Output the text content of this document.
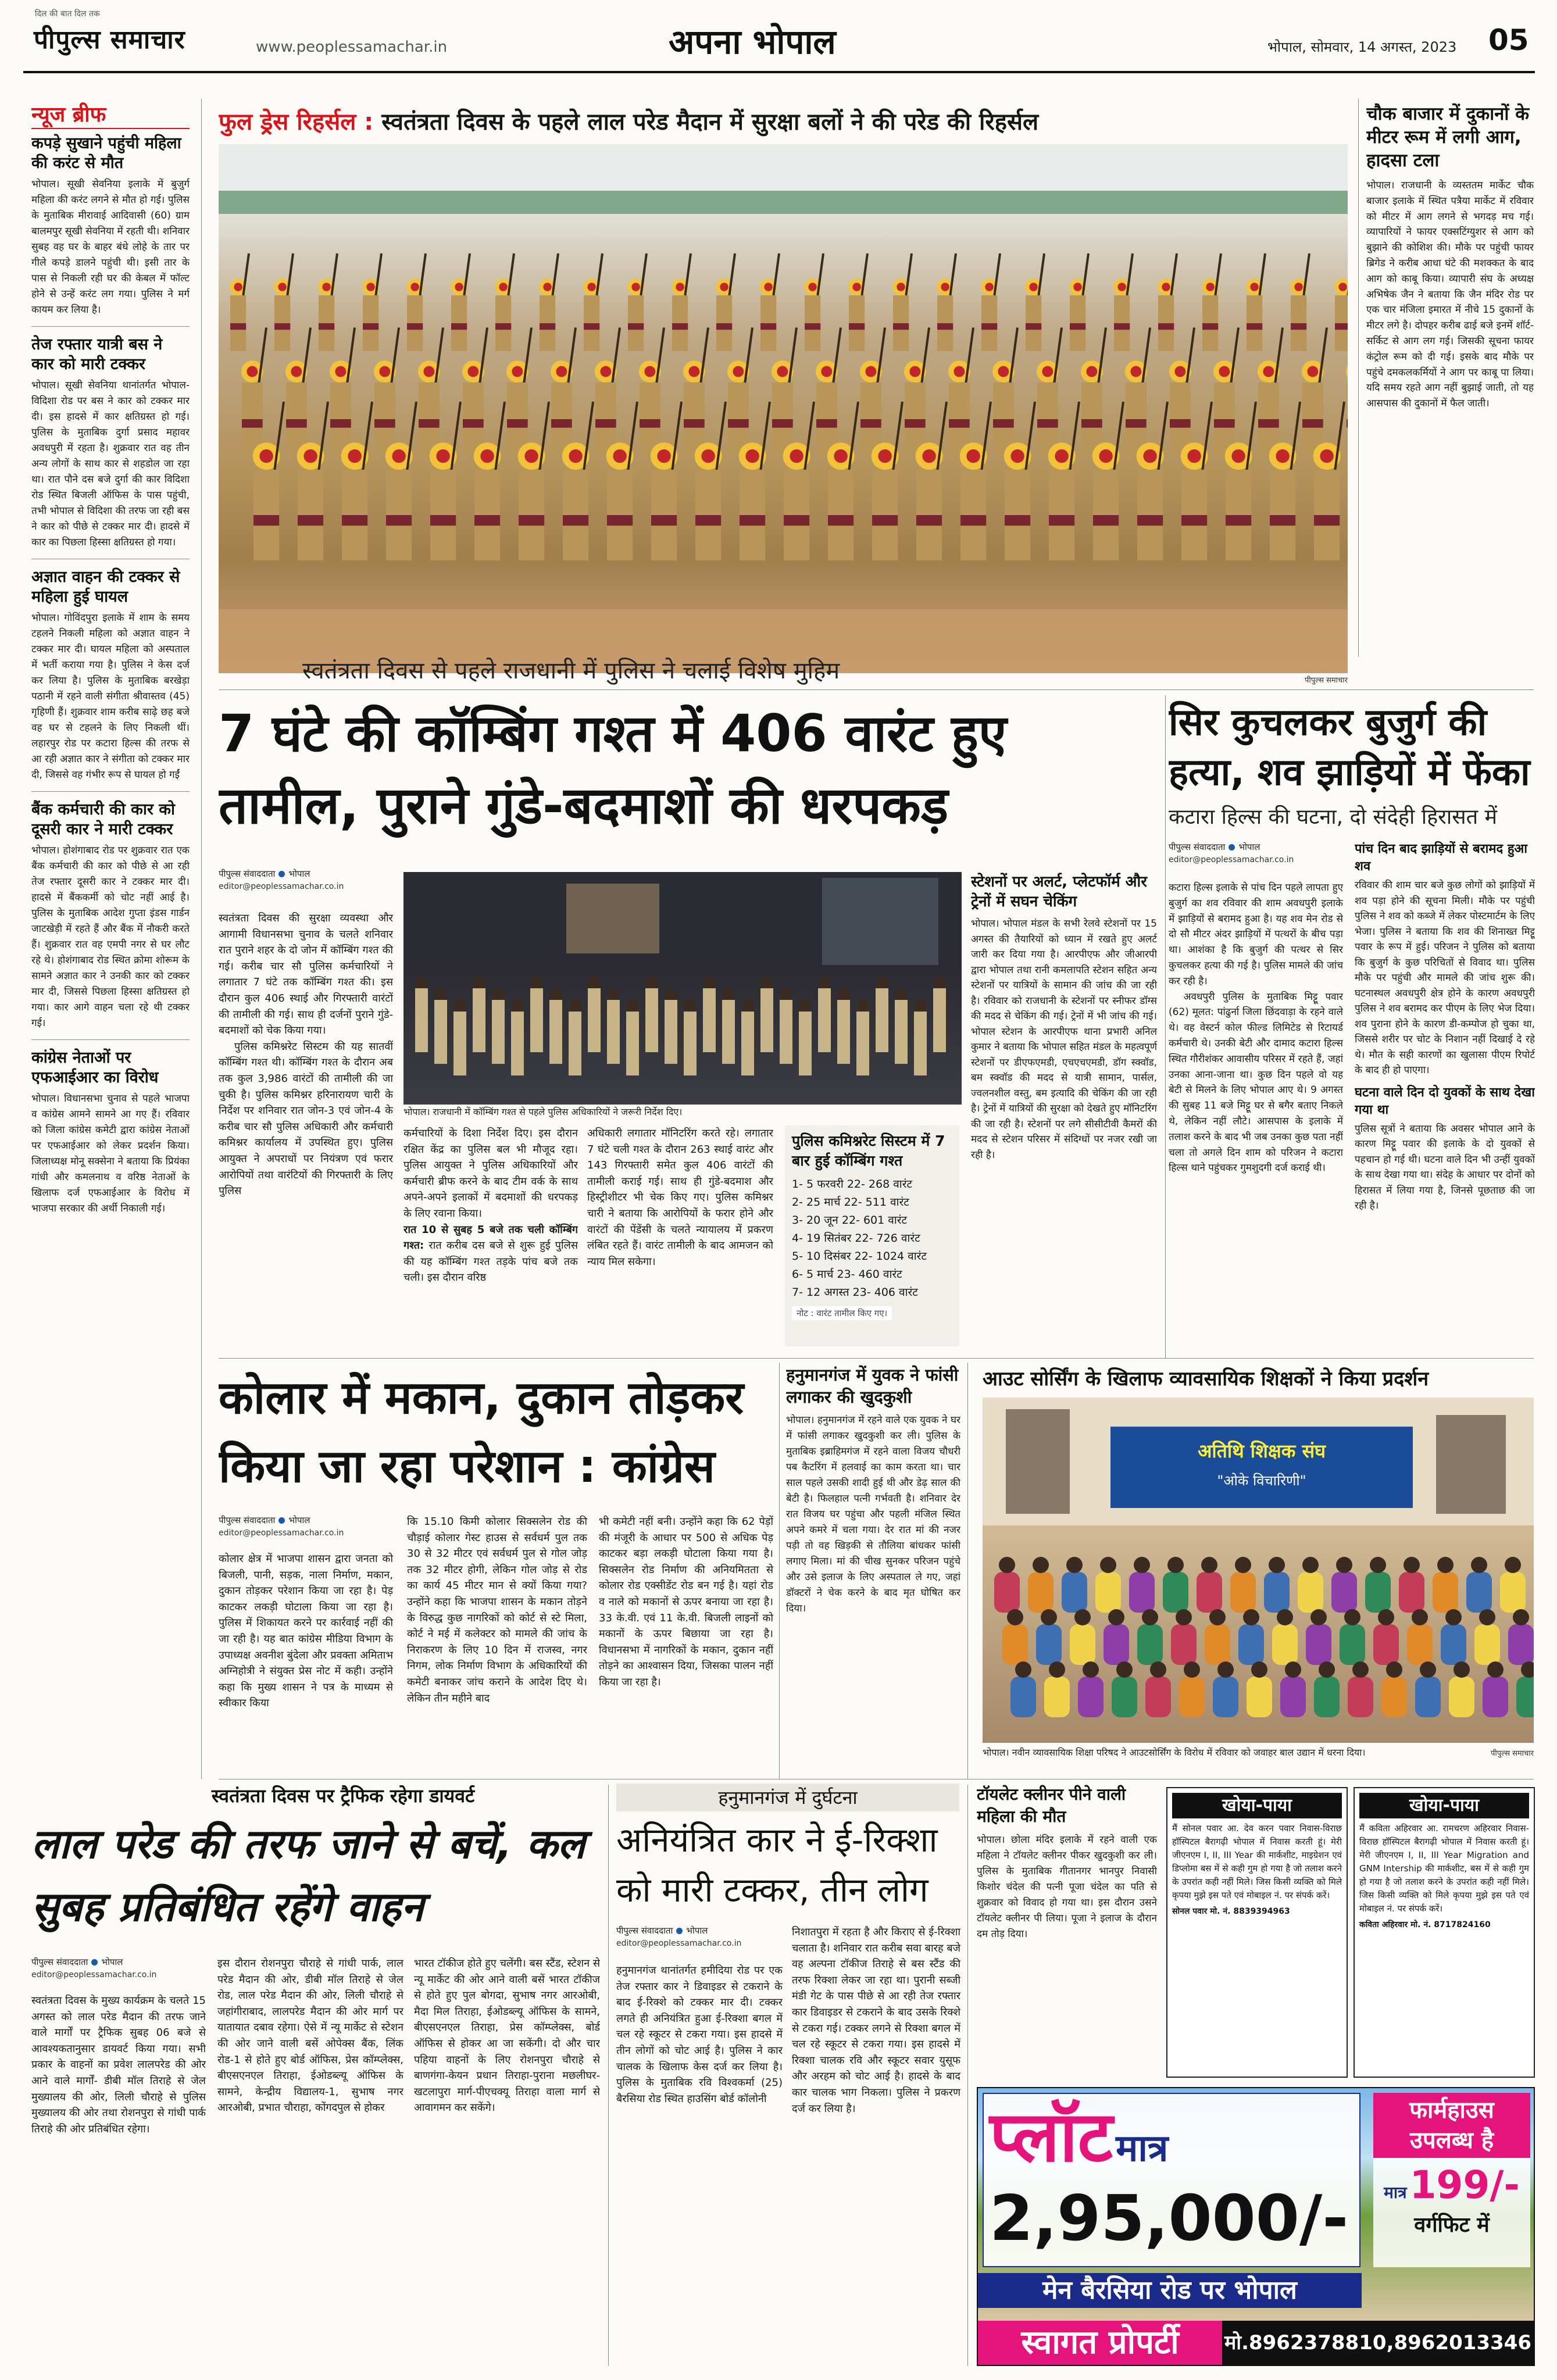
दिल की बात दिल तक
पीपुल्स समाचार	www.peoplessamachar.in	अपना भोपाल	भोपाल, सोमवार, 14 अगस्त, 2023 05
न्यूज ब्रीफ
कपड़े सुखाने पहुंची महिला की करंट से मौत
भोपाल। सूखी सेवनिया इलाके में बुजुर्ग महिला की करंट लगने से मौत हो गई। पुलिस के मुताबिक मीरावाई आदिवासी (60) ग्राम बालमपुर सूखी सेवनिया में रहती थी। शनिवार सुबह वह घर के बाहर बंधे लोहे के तार पर गीले कपड़े डालने पहुंची थी। इसी तार के पास से निकली रही घर की केबल में फॉल्ट होने से उन्हें करंट लग गया। पुलिस ने मर्ग कायम कर लिया है।
तेज रफ्तार यात्री बस ने कार को मारी टक्कर
भोपाल। सूखी सेवनिया थानांतर्गत भोपाल-विदिशा रोड पर बस ने कार को टक्कर मार दी। इस हादसे में कार क्षतिग्रस्त हो गई। पुलिस के मुताबिक दुर्गा प्रसाद महावर अवधपुरी में रहता है। शुक्रवार रात वह तीन अन्य लोगों के साथ कार से शहडोल जा रहा था। रात पौने दस बजे दुर्गा की कार विदिशा रोड स्थित बिजली ऑफिस के पास पहुंची, तभी भोपाल से विदिशा की तरफ जा रही बस ने कार को पीछे से टक्कर मार दी। हादसे में कार का पिछला हिस्सा क्षतिग्रस्त हो गया।
अज्ञात वाहन की टक्कर से महिला हुई घायल
भोपाल। गोविंदपुरा इलाके में शाम के समय टहलने निकली महिला को अज्ञात वाहन ने टक्कर मार दी। घायल महिला को अस्पताल में भर्ती कराया गया है। पुलिस ने केस दर्ज कर लिया है। पुलिस के मुताबिक बरखेड़ा पठानी में रहने वाली संगीता श्रीवास्तव (45) गृहिणी हैं। शुक्रवार शाम करीब साढ़े छह बजे वह घर से टहलने के लिए निकली थीं। लहारपुर रोड पर कटारा हिल्स की तरफ से आ रही अज्ञात कार ने संगीता को टक्कर मार दी, जिससे वह गंभीर रूप से घायल हो गईं
बैंक कर्मचारी की कार को दूसरी कार ने मारी टक्कर
भोपाल। होशंगाबाद रोड पर शुक्रवार रात एक बैंक कर्मचारी की कार को पीछे से आ रही तेज रफ्तार दूसरी कार ने टक्कर मार दी। हादसे में बैंककर्मी को चोट नहीं आई है। पुलिस के मुताबिक आदेश गुप्ता इंडस गार्डन जाटखेड़ी में रहते हैं और बैंक में नौकरी करते हैं। शुक्रवार रात वह एमपी नगर से घर लौट रहे थे। होशंगाबाद रोड स्थित क्रोमा शोरूम के सामने अज्ञात कार ने उनकी कार को टक्कर मार दी, जिससे पिछला हिस्सा क्षतिग्रस्त हो गया। कार आगे वाहन चला रहे थी टक्कर गई।
कांग्रेस नेताओं पर एफआईआर का विरोध
भोपाल। विधानसभा चुनाव से पहले भाजपा व कांग्रेस आमने सामने आ गए हैं। रविवार को जिला कांग्रेस कमेटी द्वारा कांग्रेस नेताओं पर एफआईआर को लेकर प्रदर्शन किया। जिलाध्यक्ष मोनू सक्सेना ने बताया कि प्रियंका गांधी और कमलनाथ व वरिष्ठ नेताओं के खिलाफ दर्ज एफआईआर के विरोध में भाजपा सरकार की अर्थी निकाली गई।
फुल ड्रेस रिहर्सल : स्वतंत्रता दिवस के पहले लाल परेड मैदान में सुरक्षा बलों ने की परेड की रिहर्सल
पीपुल्स समाचार
चौक बाजार में दुकानों के मीटर रूम में लगी आग, हादसा टला
भोपाल। राजधानी के व्यस्ततम मार्केट चौक बाजार इलाके में स्थित पत्रैया मार्केट में रविवार को मीटर में आग लगने से भगदड़ मच गई। व्यापारियों ने फायर एक्सटिंग्युशर से आग को बुझाने की कोशिश की। मौके पर पहुंची फायर ब्रिगेड ने करीब आधा घंटे की मशक्कत के बाद आग को काबू किया। व्यापारी संघ के अध्यक्ष अभिषेक जैन ने बताया कि जैन मंदिर रोड पर एक चार मंजिला इमारत में नीचे 15 दुकानों के मीटर लगे है। दोपहर करीब ढाई बजे इनमें शॉर्ट-सर्किट से आग लग गई। जिसकी सूचना फायर कंट्रोल रूम को दी गई। इसके बाद मौके पर पहुंचे दमकलकर्मियों ने आग पर काबू पा लिया। यदि समय रहते आग नहीं बुझाई जाती, तो यह आसपास की दुकानों में फैल जाती।
स्वतंत्रता दिवस से पहले राजधानी में पुलिस ने चलाई विशेष मुहिम
7 घंटे की कॉम्बिंग गश्त में 406 वारंट हुए तामील, पुराने गुंडे-बदमाशों की धरपकड़
पीपुल्स संवाददाता भोपाल
editor@peoplessamachar.co.in
स्वतंत्रता दिवस की सुरक्षा व्यवस्था और आगामी विधानसभा चुनाव के चलते शनिवार रात पुराने शहर के दो जोन में कॉम्बिंग गश्त की गई। करीब चार सौ पुलिस कर्मचारियों ने लगातार 7 घंटे तक कॉम्बिंग गश्त की। इस दौरान कुल 406 स्थाई और गिरफ्तारी वारंटों की तामीली की गई। साथ ही दर्जनों पुराने गुंडे-बदमाशों को चेक किया गया।
पुलिस कमिश्नरेट सिस्टम की यह सातवीं कॉम्बिंग गश्त थी। कॉम्बिंग गश्त के दौरान अब तक कुल 3,986 वारंटों की तामीली की जा चुकी है। पुलिस कमिश्नर हरिनारायण चारी के निर्देश पर शनिवार रात जोन-3 एवं जोन-4 के करीब चार सौ पुलिस अधिकारी और कर्मचारी कमिश्नर कार्यालय में उपस्थित हुए। पुलिस आयुक्त ने अपराधों पर नियंत्रण एवं फरार आरोपियों तथा वारंटियों की गिरफ्तारी के लिए पुलिस
भोपाल। राजधानी में कॉम्बिंग गश्त से पहले पुलिस अधिकारियों ने जरूरी निर्देश दिए।
कर्मचारियों के दिशा निर्देश दिए। इस दौरान रक्षित केंद्र का पुलिस बल भी मौजूद रहा। पुलिस आयुक्त ने पुलिस अधिकारियों और कर्मचारी ब्रीफ करने के बाद टीम वर्क के साथ अपने-अपने इलाकों में बदमाशों की धरपकड़ के लिए रवाना किया।
रात 10 से सुबह 5 बजे तक चली कॉम्बिंग गश्त: रात करीब दस बजे से शुरू हुई पुलिस की यह कॉम्बिंग गश्त तड़के पांच बजे तक चली। इस दौरान वरिष्ठ
अधिकारी लगातार मॉनिटरिंग करते रहे। लगातार 7 घंटे चली गश्त के दौरान 263 स्थाई वारंट और 143 गिरफ्तारी समेत कुल 406 वारंटों की तामीली कराई गई। साथ ही गुंडे-बदमाश और हिस्ट्रीशीटर भी चेक किए गए। पुलिस कमिश्नर चारी ने बताया कि आरोपियों के फरार होने और वारंटों की पेंडेंसी के चलते न्यायालय में प्रकरण लंबित रहते हैं। वारंट तामीली के बाद आमजन को न्याय मिल सकेगा।
पुलिस कमिश्नरेट सिस्टम में 7 बार हुई कॉम्बिंग गश्त
1- 5 फरवरी 22- 268 वारंट
2- 25 मार्च 22- 511 वारंट
3- 20 जून 22- 601 वारंट
4- 19 सितंबर 22- 726 वारंट
5- 10 दिसंबर 22- 1024 वारंट
6- 5 मार्च 23- 460 वारंट
7- 12 अगस्त 23- 406 वारंट
नोट : वारंट तामील किए गए।
स्टेशनों पर अलर्ट, प्लेटफॉर्म और ट्रेनों में सघन चेकिंग
भोपाल। भोपाल मंडल के सभी रेलवे स्टेशनों पर 15 अगस्त की तैयारियों को ध्यान में रखते हुए अलर्ट जारी कर दिया गया है। आरपीएफ और जीआरपी द्वारा भोपाल तथा रानी कमलापति स्टेशन सहित अन्य स्टेशनों पर यात्रियों के सामान की जांच की जा रही है। रविवार को राजधानी के स्टेशनों पर स्नीफर डॉग्स की मदद से चेकिंग की गई। ट्रेनों में भी जांच की गई। भोपाल स्टेशन के आरपीएफ थाना प्रभारी अनिल कुमार ने बताया कि भोपाल सहित मंडल के महत्वपूर्ण स्टेशनों पर डीएफएमडी, एचएचएमडी, डॉग स्क्वॉड, बम स्क्वॉड की मदद से यात्री सामान, पार्सल, ज्वलनशील वस्तु, बम इत्यादि की चेकिंग की जा रही है। ट्रेनों में यात्रियों की सुरक्षा को देखते हुए मॉनिटरिंग की जा रही है। स्टेशनों पर लगे सीसीटीवी कैमरों की मदद से स्टेशन परिसर में संदिग्धों पर नजर रखी जा रही है।
सिर कुचलकर बुजुर्ग की हत्या, शव झाड़ियों में फेंका
कटारा हिल्स की घटना, दो संदेही हिरासत में
पीपुल्स संवाददाता भोपाल
editor@peoplessamachar.co.in
कटारा हिल्स इलाके से पांच दिन पहले लापता हुए बुजुर्ग का शव रविवार की शाम अवधपुरी इलाके में झाड़ियों से बरामद हुआ है। यह शव मेन रोड से दो सौ मीटर अंदर झाड़ियों में पत्थरों के बीच पड़ा था। आशंका है कि बुजुर्ग की पत्थर से सिर कुचलकर हत्या की गई है। पुलिस मामले की जांच कर रही है।
अवधपुरी पुलिस के मुताबिक मिट्टू पवार (62) मूलत: पांढुर्ना जिला छिंदवाड़ा के रहने वाले थे। वह वेस्टर्न कोल फील्ड लिमिटेड से रिटायर्ड कर्मचारी थे। उनकी बेटी और दामाद कटारा हिल्स स्थित गौरीशंकर आवासीय परिसर में रहते हैं, जहां उनका आना-जाना था। कुछ दिन पहले वो यह बेटी से मिलने के लिए भोपाल आए थे। 9 अगस्त की सुबह 11 बजे मिट्टू घर से बगैर बताए निकले थे, लेकिन नहीं लौटे। आसपास के इलाके में तलाश करने के बाद भी जब उनका कुछ पता नहीं चला तो अगले दिन शाम को परिजन ने कटारा हिल्स थाने पहुंचकर गुमशुदगी दर्ज कराई थी।
पांच दिन बाद झाड़ियों से बरामद हुआ शव
रविवार की शाम चार बजे कुछ लोगों को झाड़ियों में शव पड़ा होने की सूचना मिली। मौके पर पहुंची पुलिस ने शव को कब्जे में लेकर पोस्टमार्टम के लिए भेजा। पुलिस ने बताया कि शव की शिनाख्त मिट्टू पवार के रूप में हुई। परिजन ने पुलिस को बताया कि बुजुर्ग के कुछ परिचितों से विवाद था। पुलिस मौके पर पहुंची और मामले की जांच शुरू की। घटनास्थल अवधपुरी क्षेत्र होने के कारण अवधपुरी पुलिस ने शव बरामद कर पीएम के लिए भेज दिया। शव पुराना होने के कारण डी-कम्पोज हो चुका था, जिससे शरीर पर चोट के निशान नहीं दिखाई दे रहे थे। मौत के सही कारणों का खुलासा पीएम रिपोर्ट के बाद ही हो पाएगा।
घटना वाले दिन दो युवकों के साथ देखा गया था
पुलिस सूत्रों ने बताया कि अवसर भोपाल आने के कारण मिट्टू पवार की इलाके के दो युवकों से पहचान हो गई थी। घटना वाले दिन भी उन्हीं युवकों के साथ देखा गया था। संदेह के आधार पर दोनों को हिरासत में लिया गया है, जिनसे पूछताछ की जा रही है।
कोलार में मकान, दुकान तोड़कर किया जा रहा परेशान : कांग्रेस
पीपुल्स संवाददाता भोपाल
editor@peoplessamachar.co.in
कोलार क्षेत्र में भाजपा शासन द्वारा जनता को बिजली, पानी, सड़क, नाला निर्माण, मकान, दुकान तोड़कर परेशान किया जा रहा है। पेड़ काटकर लकड़ी घोटाला किया जा रहा है। पुलिस में शिकायत करने पर कार्रवाई नहीं की जा रही है। यह बात कांग्रेस मीडिया विभाग के उपाध्यक्ष अवनीश बुंदेला और प्रवक्ता अमिताभ अग्निहोत्री ने संयुक्त प्रेस नोट में कही। उन्होंने कहा कि मुख्य शासन ने पत्र के माध्यम से स्वीकार किया
कि 15.10 किमी कोलार सिक्सलेन रोड की चौड़ाई कोलार गेस्ट हाउस से सर्वधर्म पुल तक 30 से 32 मीटर एवं सर्वधर्म पुल से गोल जोड़ तक 32 मीटर होगी, लेकिन गोल जोड़ से रोड का कार्य 45 मीटर मान से क्यों किया गया? उन्होंने कहा कि भाजपा शासन के मकान तोड़ने के विरुद्ध कुछ नागरिकों को कोर्ट से स्टे मिला, कोर्ट ने मई में कलेक्टर को मामले की जांच के निराकरण के लिए 10 दिन में राजस्व, नगर निगम, लोक निर्माण विभाग के अधिकारियों की कमेटी बनाकर जांच कराने के आदेश दिए थे। लेकिन तीन महीने बाद
भी कमेटी नहीं बनी। उन्होंने कहा कि 62 पेड़ों की मंजूरी के आधार पर 500 से अधिक पेड़ काटकर बड़ा लकड़ी घोटाला किया गया है। सिक्सलेन रोड निर्माण की अनियमितता से कोलार रोड एक्सीडेंट रोड बन गई है। यहां रोड व नाले को मकानों से ऊपर बनाया जा रहा है। 33 के.वी. एवं 11 के.वी. बिजली लाइनों को मकानों के ऊपर बिछाया जा रहा है। विधानसभा में नागरिकों के मकान, दुकान नहीं तोड़ने का आश्वासन दिया, जिसका पालन नहीं किया जा रहा है।
हनुमानगंज में युवक ने फांसी लगाकर की खुदकुशी
भोपाल। हनुमानगंज में रहने वाले एक युवक ने घर में फांसी लगाकर खुदकुशी कर ली। पुलिस के मुताबिक इब्राहिमगंज में रहने वाला विजय चौधरी पब कैटरिंग में हलवाई का काम करता था। चार साल पहले उसकी शादी हुई थी और डेढ़ साल की बेटी है। फिलहाल पत्नी गर्भवती है। शनिवार देर रात विजय घर पहुंचा और पहली मंजिल स्थित अपने कमरे में चला गया। देर रात मां की नजर पड़ी तो वह खिड़की से तौलिया बांधकर फांसी लगाए मिला। मां की चीख सुनकर परिजन पहुंचे और उसे इलाज के लिए अस्पताल ले गए, जहां डॉक्टरों ने चेक करने के बाद मृत घोषित कर दिया।
आउट सोर्सिंग के खिलाफ व्यावसायिक शिक्षकों ने किया प्रदर्शन
अतिथि शिक्षक संघ
"ओके विचारिणी"
भोपाल। नवीन व्यावसायिक शिक्षा परिषद ने आउटसोर्सिंग के विरोध में रविवार को जवाहर बाल उद्यान में धरना दिया।	पीपुल्स समाचार
स्वतंत्रता दिवस पर ट्रैफिक रहेगा डायवर्ट
लाल परेड की तरफ जाने से बचें, कल सुबह प्रतिबंधित रहेंगे वाहन
पीपुल्स संवाददाता भोपाल
editor@peoplessamachar.co.in
स्वतंत्रता दिवस के मुख्य कार्यक्रम के चलते 15 अगस्त को लाल परेड मैदान की तरफ जाने वाले मार्गों पर ट्रैफिक सुबह 06 बजे से आवश्यकतानुसार डायवर्ट किया गया। सभी प्रकार के वाहनों का प्रवेश लालपरेड की ओर आने वाले मार्गों- डीबी मॉल तिराहे से जेल मुख्यालय की ओर, लिली चौराहे से पुलिस मुख्यालय की ओर तथा रोशनपुरा से गांधी पार्क तिराहे की ओर प्रतिबंधित रहेगा।
इस दौरान रोशनपुरा चौराहे से गांधी पार्क, लाल परेड मैदान की ओर, डीबी मॉल तिराहे से जेल रोड, लाल परेड मैदान की ओर, लिली चौराहे से जहांगीराबाद, लालपरेड मैदान की ओर मार्ग पर यातायात दबाव रहेगा। ऐसे में न्यू मार्केट से स्टेशन की ओर जाने वाली बसें ओपेक्स बैंक, लिंक रोड-1 से होते हुए बोर्ड ऑफिस, प्रेस कॉम्प्लेक्स, बीएसएनएल तिराहा, ईओडब्ल्यू ऑफिस के सामने, केन्द्रीय विद्यालय-1, सुभाष नगर आरओबी, प्रभात चौराहा, कोंगदपुल से होकर
भारत टॉकीज होते हुए चलेंगी। बस स्टैंड, स्टेशन से न्यू मार्केट की ओर आने वाली बसें भारत टॉकीज से होते हुए पुल बोगदा, सुभाष नगर आरओबी, मैदा मिल तिराहा, ईओडब्ल्यू ऑफिस के सामने, बीएसएनएल तिराहा, प्रेस कॉम्प्लेक्स, बोर्ड ऑफिस से होकर आ जा सकेंगी। दो और चार पहिया वाहनों के लिए रोशनपुरा चौराहे से बाणगंगा-केयन प्रधान तिराहा-पुराना मछलीघर-खटलापुरा मार्ग-पीएचक्यू तिराहा वाला मार्ग से आवागमन कर सकेंगे।
हनुमानगंज में दुर्घटना
अनियंत्रित कार ने ई-रिक्शा को मारी टक्कर, तीन लोग
पीपुल्स संवाददाता भोपाल
editor@peoplessamachar.co.in
हनुमानगंज थानांतर्गत हमीदिया रोड पर एक तेज रफ्तार कार ने डिवाइडर से टकराने के बाद ई-रिक्शे को टक्कर मार दी। टक्कर लगते ही अनियंत्रित हुआ ई-रिक्शा बगल में चल रहे स्कूटर से टकरा गया। इस हादसे में तीन लोगों को चोट आई है। पुलिस ने कार चालक के खिलाफ केस दर्ज कर लिया है। पुलिस के मुताबिक रवि विश्वकर्मा (25) बैरसिया रोड स्थित हाउसिंग बोर्ड कॉलोनी
निशातपुरा में रहता है और किराए से ई-रिक्शा चलाता है। शनिवार रात करीब सवा बारह बजे वह अल्पना टॉकीज तिराहे से बस स्टैंड की तरफ रिक्शा लेकर जा रहा था। पुरानी सब्जी मंडी गेट के पास पीछे से आ रही तेज रफ्तार कार डिवाइडर से टकराने के बाद उसके रिक्शे से टकरा गई। टक्कर लगने से रिक्शा बगल में चल रहे स्कूटर से टकरा गया। इस हादसे में रिक्शा चालक रवि और स्कूटर सवार युसूफ और अरहम को चोट आई है। हादसे के बाद कार चालक भाग निकला। पुलिस ने प्रकरण दर्ज कर लिया है।
टॉयलेट क्लीनर पीने वाली महिला की मौत
भोपाल। छोला मंदिर इलाके में रहने वाली एक महिला ने टॉयलेट क्लीनर पीकर खुदकुशी कर ली। पुलिस के मुताबिक गीतानगर भानपुर निवासी किशोर चंदेल की पत्नी पूजा चंदेल का पति से शुक्रवार को विवाद हो गया था। इस दौरान उसने टॉयलेट क्लीनर पी लिया। पूजा ने इलाज के दौरान दम तोड़ दिया।
खोया-पाया
मैं सोनल पवार आ. देव करन पवार निवास-विराछ हॉस्पिटल बैरागढ़ी भोपाल में निवास करती हूं। मेरी जीएनएम I, II, III Year की मार्कशीट, माइग्रेशन एवं डिप्लोमा बस में से कही गुम हो गया है जो तलाश करने के उपरांत कही नहीं मिले। जिस किसी व्यक्ति को मिले कृपया मुझे इस पते एवं मोबाइल नं. पर संपर्क करें।
सोनल पवार मो. नं. 8839394963
खोया-पाया
मैं कविता अहिरवार आ. रामचरण अहिरवार निवास-विराछ हॉस्पिटल बैरागढ़ी भोपाल में निवास करती हूं। मेरी जीएनएम I, II, III Year Migration and GNM Intership की मार्कशीट, बस में से कही गुम हो गया है जो तलाश करने के उपरांत कही नहीं मिले। जिस किसी व्यक्ति को मिले कृपया मुझे इस पते एवं मोबाइल नं. पर संपर्क करें।
कविता अहिरवार मो. नं. 8717824160
प्लॉट मात्र
2,95,000/-
फार्महाउस उपलब्ध है
मात्र 199/-
वर्गफिट में
मेन बैरसिया रोड पर भोपाल
स्वागत प्रोपर्टी	मो.8962378810,8962013346
